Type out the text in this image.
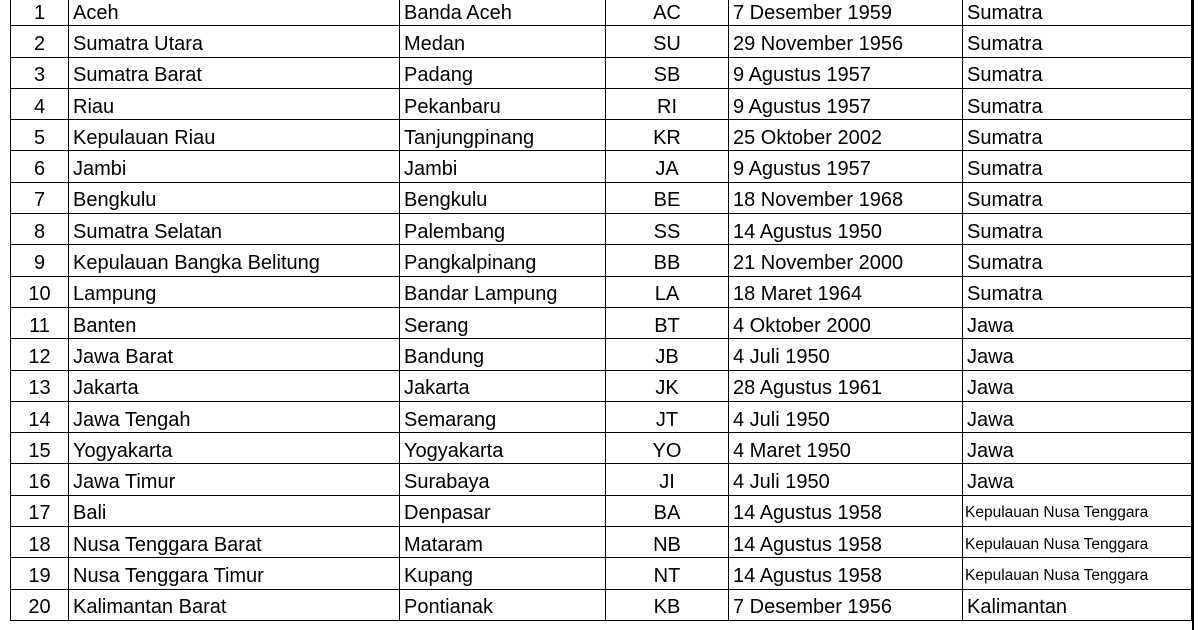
1	Aceh	Banda Aceh	AC	7 Desember 1959	Sumatra
2	Sumatra Utara	Medan	SU	29 November 1956	Sumatra
3	Sumatra Barat	Padang	SB	9 Agustus 1957	Sumatra
4	Riau	Pekanbaru	RI	9 Agustus 1957	Sumatra
5	Kepulauan Riau	Tanjungpinang	KR	25 Oktober 2002	Sumatra
6	Jambi	Jambi	JA	9 Agustus 1957	Sumatra
7	Bengkulu	Bengkulu	BE	18 November 1968	Sumatra
8	Sumatra Selatan	Palembang	SS	14 Agustus 1950	Sumatra
9	Kepulauan Bangka Belitung	Pangkalpinang	BB	21 November 2000	Sumatra
10	Lampung	Bandar Lampung	LA	18 Maret 1964	Sumatra
11	Banten	Serang	BT	4 Oktober 2000	Jawa
12	Jawa Barat	Bandung	JB	4 Juli 1950	Jawa
13	Jakarta	Jakarta	JK	28 Agustus 1961	Jawa
14	Jawa Tengah	Semarang	JT	4 Juli 1950	Jawa
15	Yogyakarta	Yogyakarta	YO	4 Maret 1950	Jawa
16	Jawa Timur	Surabaya	JI	4 Juli 1950	Jawa
17	Bali	Denpasar	BA	14 Agustus 1958	Kepulauan Nusa Tenggara
18	Nusa Tenggara Barat	Mataram	NB	14 Agustus 1958	Kepulauan Nusa Tenggara
19	Nusa Tenggara Timur	Kupang	NT	14 Agustus 1958	Kepulauan Nusa Tenggara
20	Kalimantan Barat	Pontianak	KB	7 Desember 1956	Kalimantan
